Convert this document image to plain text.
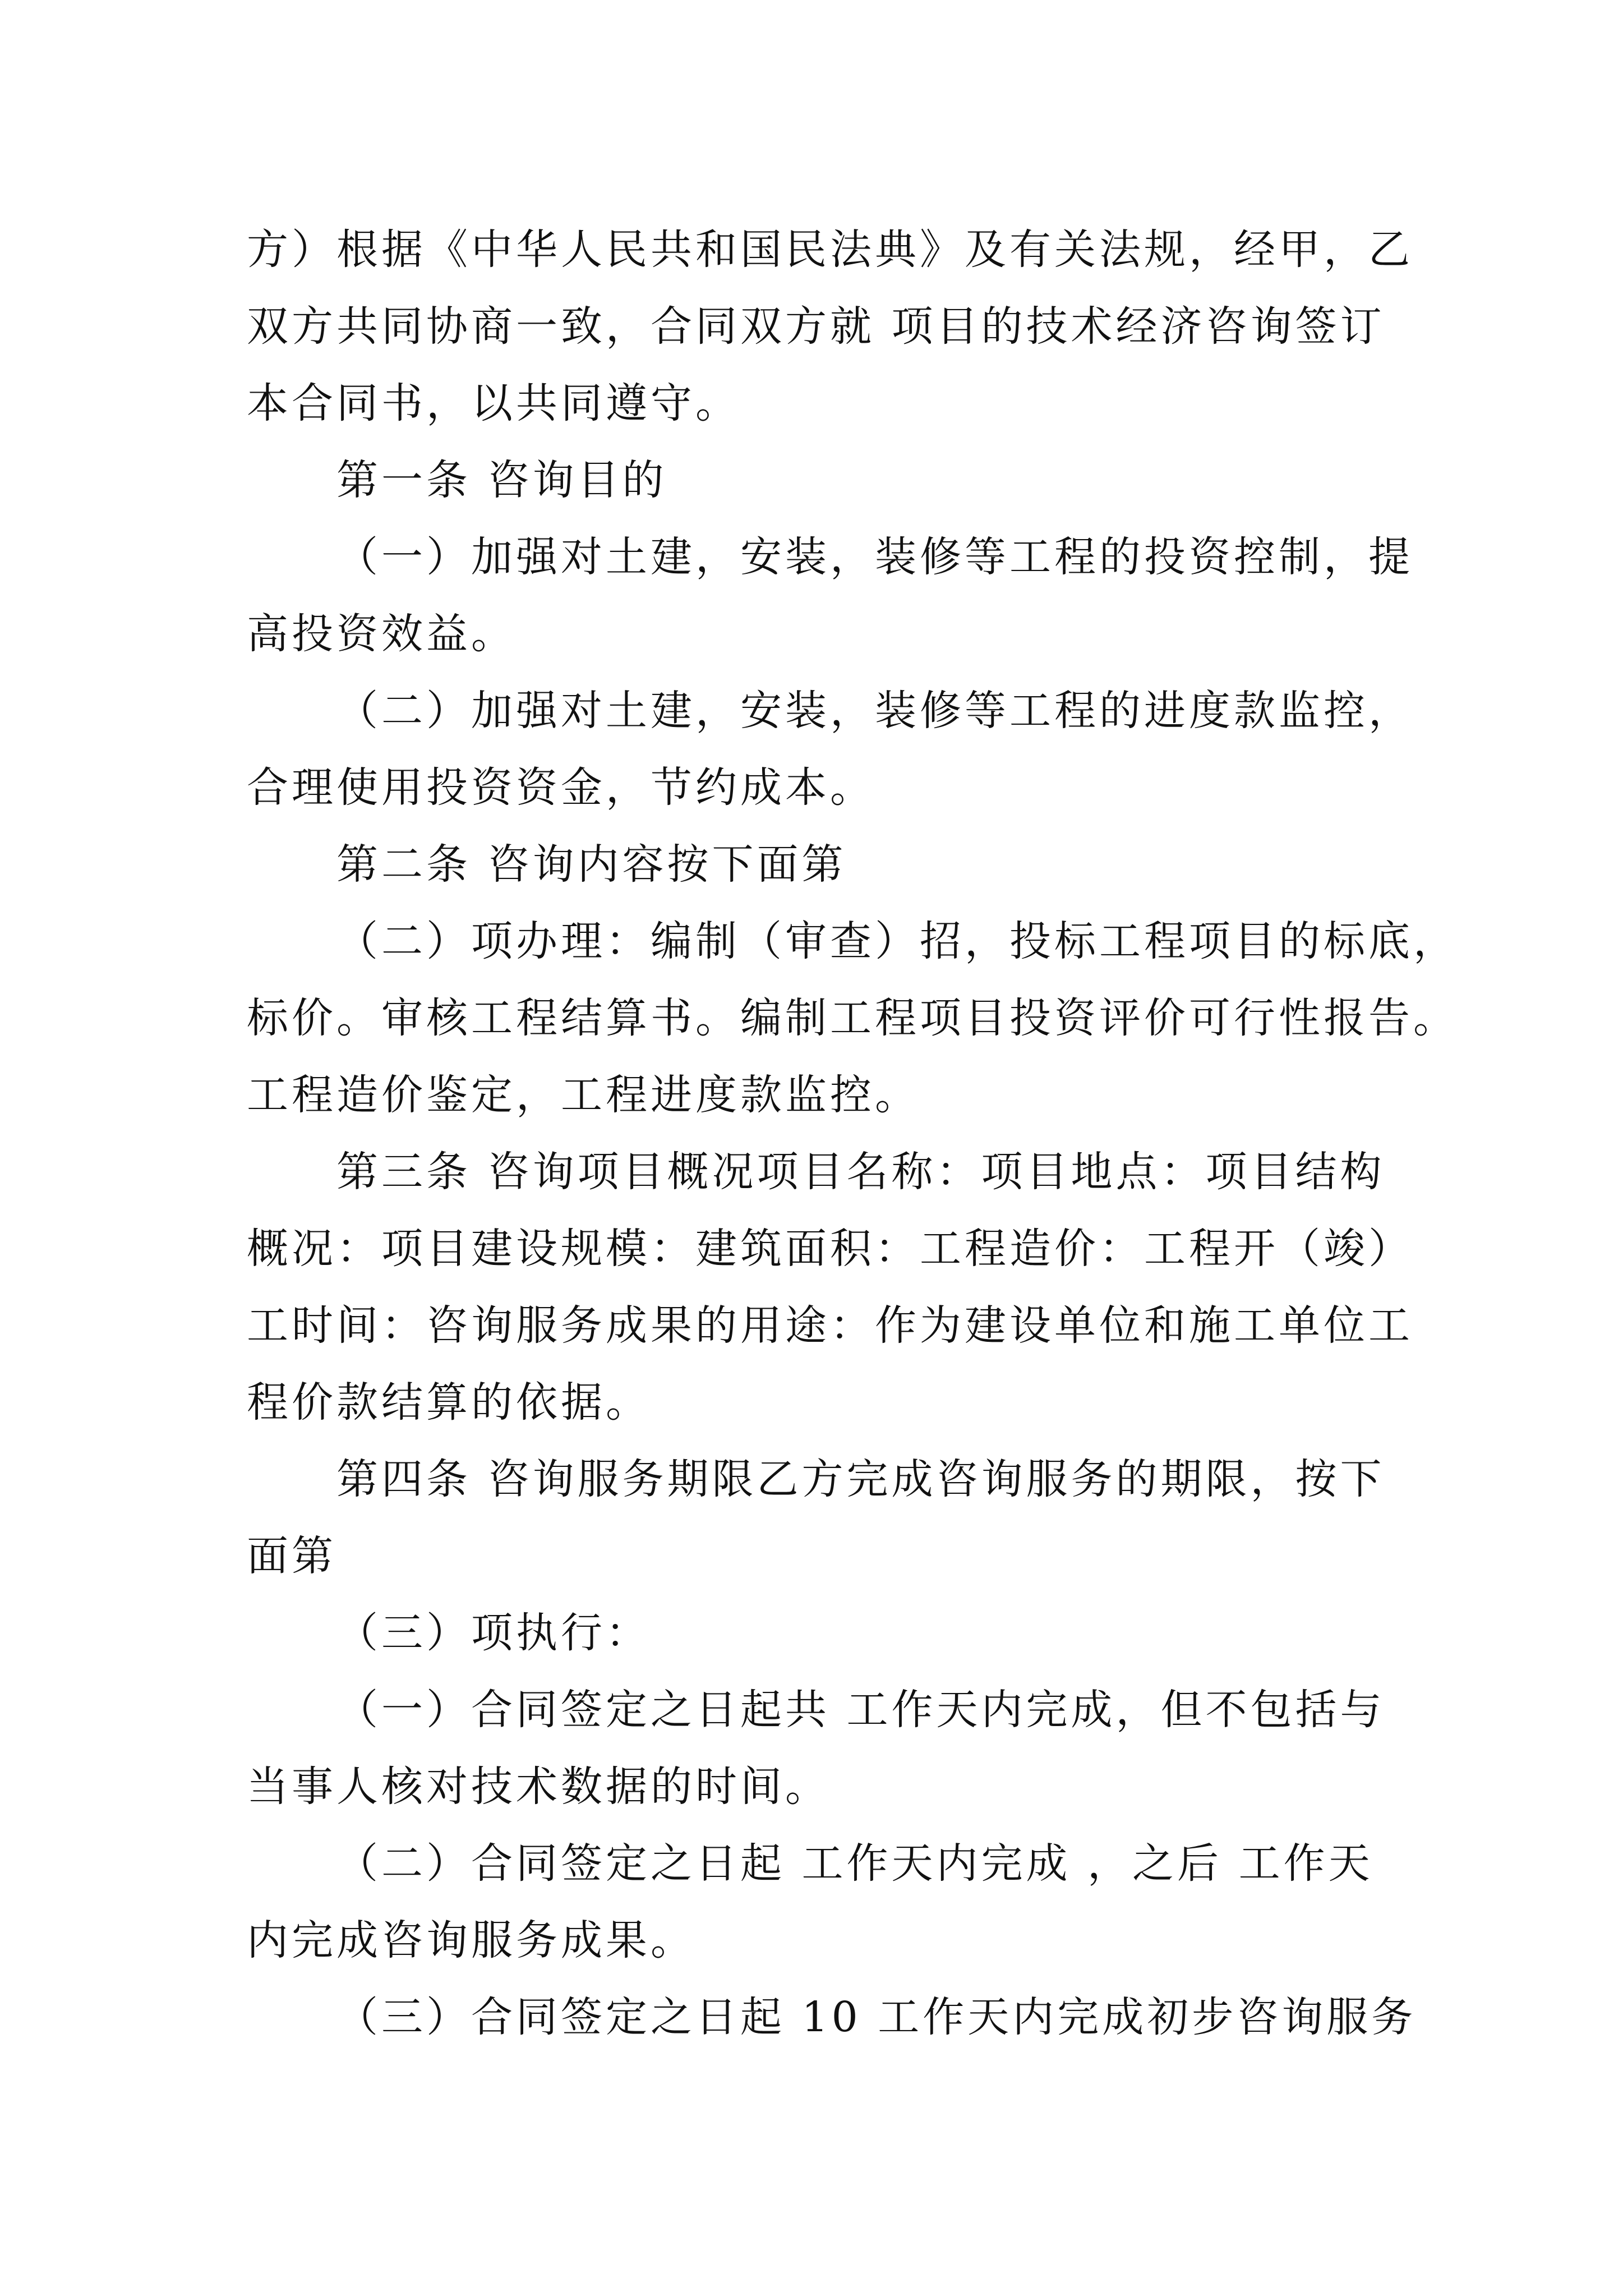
方）根据《中华人民共和国民法典》及有关法规，经甲，乙
双方共同协商一致，合同双方就 项目的技术经济咨询签订
本合同书，以共同遵守。
第一条 咨询目的
（一）加强对土建，安装，装修等工程的投资控制，提
高投资效益。
（二）加强对土建，安装，装修等工程的进度款监控，
合理使用投资资金，节约成本。
第二条 咨询内容按下面第
（二）项办理：编制（审查）招，投标工程项目的标底，
标价。审核工程结算书。编制工程项目投资评价可行性报告。
工程造价鉴定，工程进度款监控。
第三条 咨询项目概况项目名称：项目地点：项目结构
概况：项目建设规模：建筑面积：工程造价：工程开（竣）
工时间：咨询服务成果的用途：作为建设单位和施工单位工
程价款结算的依据。
第四条 咨询服务期限乙方完成咨询服务的期限，按下
面第
（三）项执行：
（一）合同签定之日起共 工作天内完成，但不包括与
当事人核对技术数据的时间。
（二）合同签定之日起 工作天内完成 ，之后 工作天
内完成咨询服务成果。
（三）合同签定之日起 10 工作天内完成初步咨询服务
